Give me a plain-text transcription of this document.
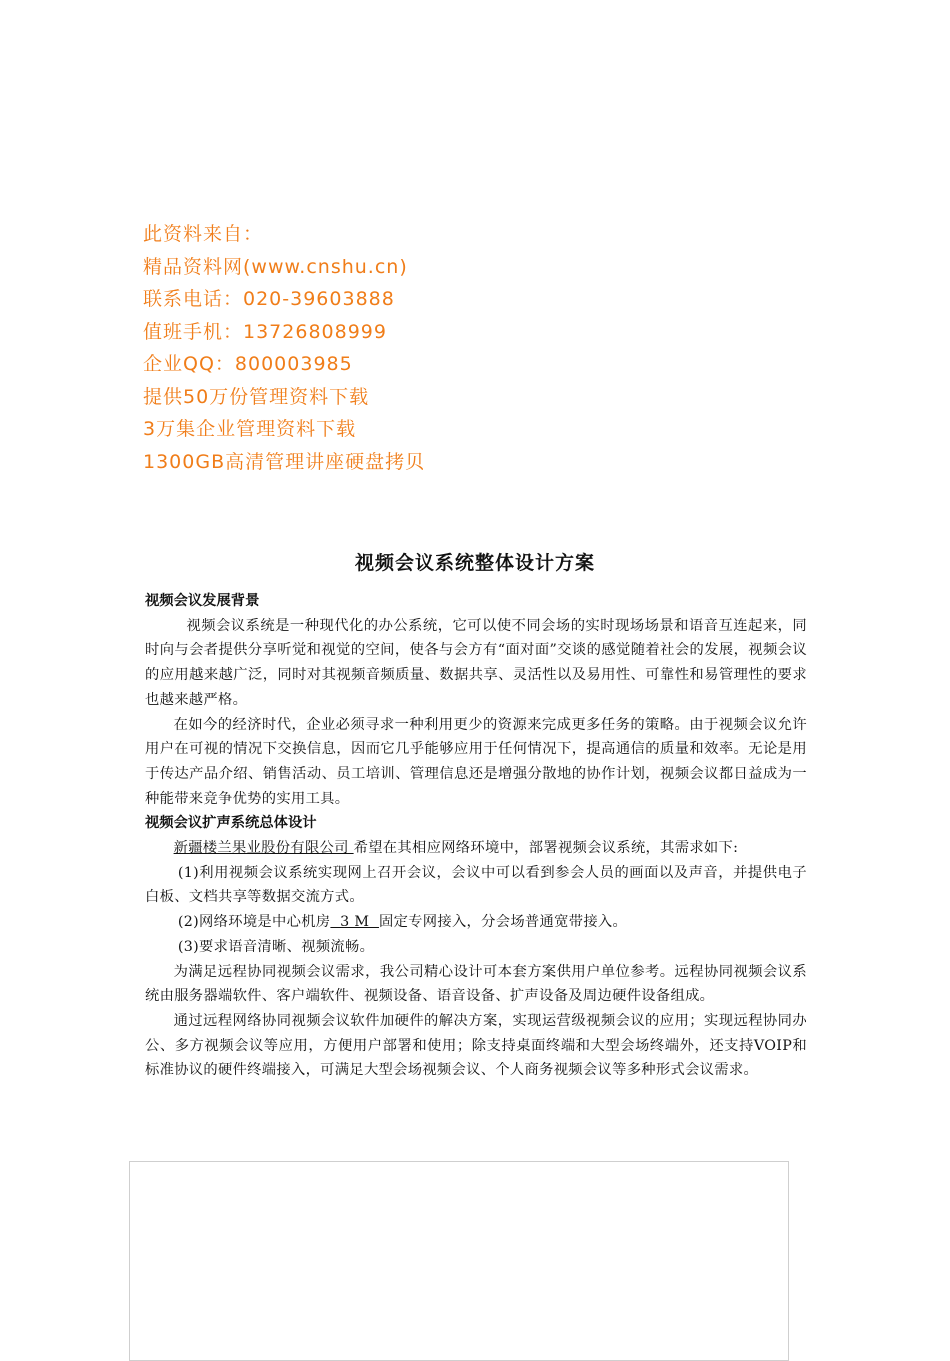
此资料来自：
精品资料网(www.cnshu.cn)
联系电话：020-39603888
值班手机：13726808999
企业QQ：800003985
提供50万份管理资料下载
3万集企业管理资料下载
1300GB高清管理讲座硬盘拷贝
视频会议系统整体设计方案
视频会议发展背景

视频会议系统是一种现代化的办公系统，它可以使不同会场的实时现场场景和语音互连起来，同时向与会者提供分享听觉和视觉的空间，使各与会方有“面对面”交谈的感觉随着社会的发展，视频会议的应用越来越广泛，同时对其视频音频质量、数据共享、灵活性以及易用性、可靠性和易管理性的要求也越来越严格。

在如今的经济时代，企业必须寻求一种利用更少的资源来完成更多任务的策略。由于视频会议允许用户在可视的情况下交换信息，因而它几乎能够应用于任何情况下，提高通信的质量和效率。无论是用于传达产品介绍、销售活动、员工培训、管理信息还是增强分散地的协作计划，视频会议都日益成为一种能带来竞争优势的实用工具。

视频会议扩声系统总体设计

新疆楼兰果业股份有限公司 希望在其相应网络环境中，部署视频会议系统，其需求如下:

(1)利用视频会议系统实现网上召开会议，会议中可以看到参会人员的画面以及声音，并提供电子白板、文档共享等数据交流方式。

(2)网络环境是中心机房  3 M  固定专网接入，分会场普通宽带接入。

(3)要求语音清晰、视频流畅。

为满足远程协同视频会议需求，我公司精心设计可本套方案供用户单位参考。远程协同视频会议系统由服务器端软件、客户端软件、视频设备、语音设备、扩声设备及周边硬件设备组成。

通过远程网络协同视频会议软件加硬件的解决方案，实现运营级视频会议的应用；实现远程协同办公、多方视频会议等应用，方便用户部署和使用；除支持桌面终端和大型会场终端外，还支持VOIP和标准协议的硬件终端接入，可满足大型会场视频会议、个人商务视频会议等多种形式会议需求。
